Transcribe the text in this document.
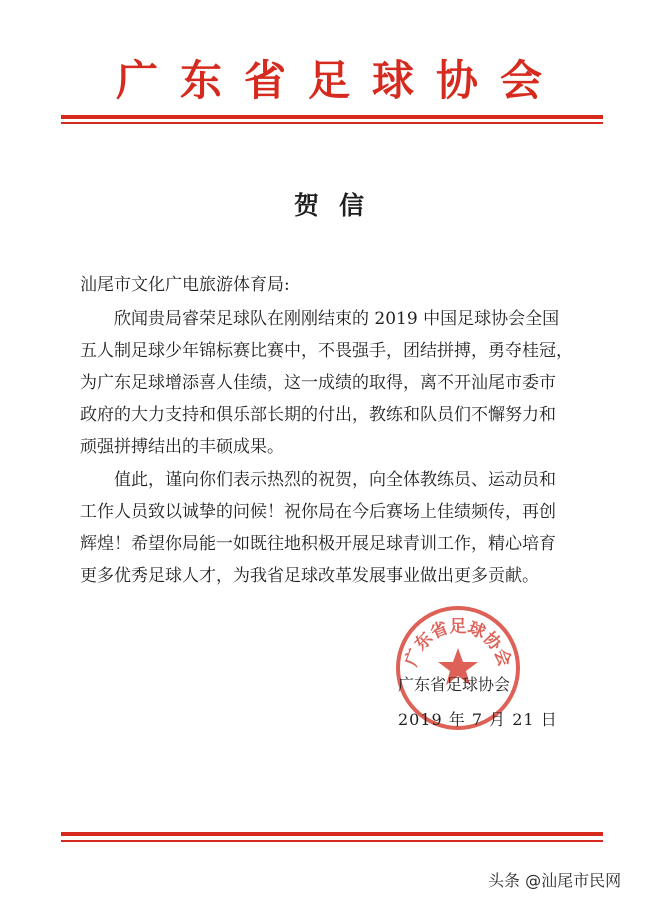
广东省足球协会
贺信
汕尾市文化广电旅游体育局:

欣闻贵局睿荣足球队在刚刚结束的 2019 中国足球协会全国

五人制足球少年锦标赛比赛中，不畏强手，团结拼搏，勇夺桂冠，

为广东足球增添喜人佳绩，这一成绩的取得，离不开汕尾市委市

政府的大力支持和俱乐部长期的付出，教练和队员们不懈努力和

顽强拼搏结出的丰硕成果。

值此，谨向你们表示热烈的祝贺，向全体教练员、运动员和

工作人员致以诚挚的问候！祝你局在今后赛场上佳绩频传，再创

辉煌！希望你局能一如既往地积极开展足球青训工作，精心培育

更多优秀足球人才，为我省足球改革发展事业做出更多贡献。

广东省足球协会
广东省足球协会
2019 年 7 月 21 日
头条 @汕尾市民网
